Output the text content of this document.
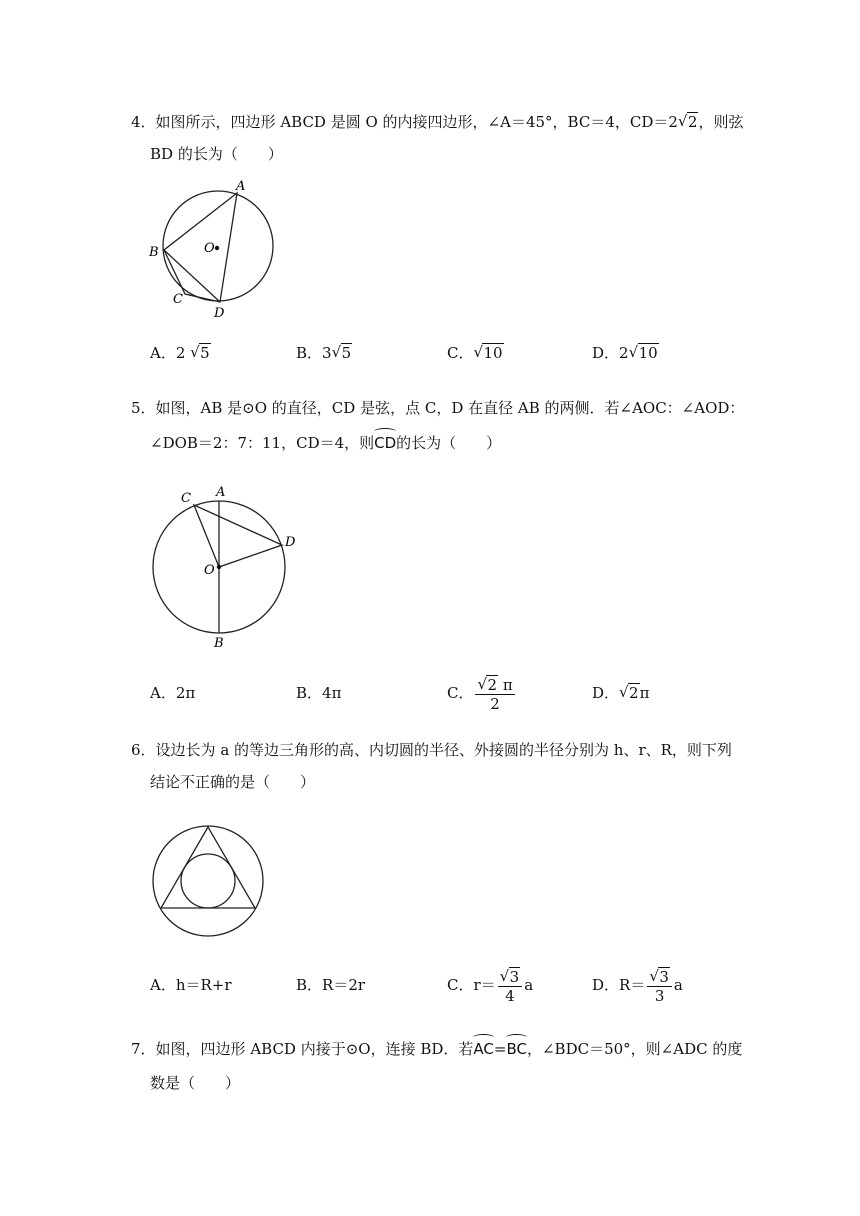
4．如图所示，四边形 ABCD 是圆 O 的内接四边形，∠A＝45°，BC＝4，CD＝2 √ 2，则弦
BD 的长为（　　）
A
B
C
D
O
A．2 √ 5	B．3 √ 5	C． √ 10	D．2 √ 10
5．如图，AB 是⊙O 的直径，CD 是弦，点 C，D 在直径 AB 的两侧．若∠AOC：∠AOD：
∠DOB＝2：7：11，CD＝4，则CD的长为（　　）
A
C
D
O
B
A．2π	B．4π	C． √ $\frac{2 \pi}{2}$	D． √ 2π
6．设边长为 a 的等边三角形的高、内切圆的半径、外接圆的半径分别为 h、r、R，则下列
结论不正确的是（　　）
A．h＝R+r	B．R＝2r	C．r＝ √ $\frac{3}{4}$ a	D．R＝ √ $\frac{3}{3}$ a
7．如图，四边形 ABCD 内接于⊙O，连接 BD．若AC=BC，∠BDC＝50°，则∠ADC 的度
数是（　　）
